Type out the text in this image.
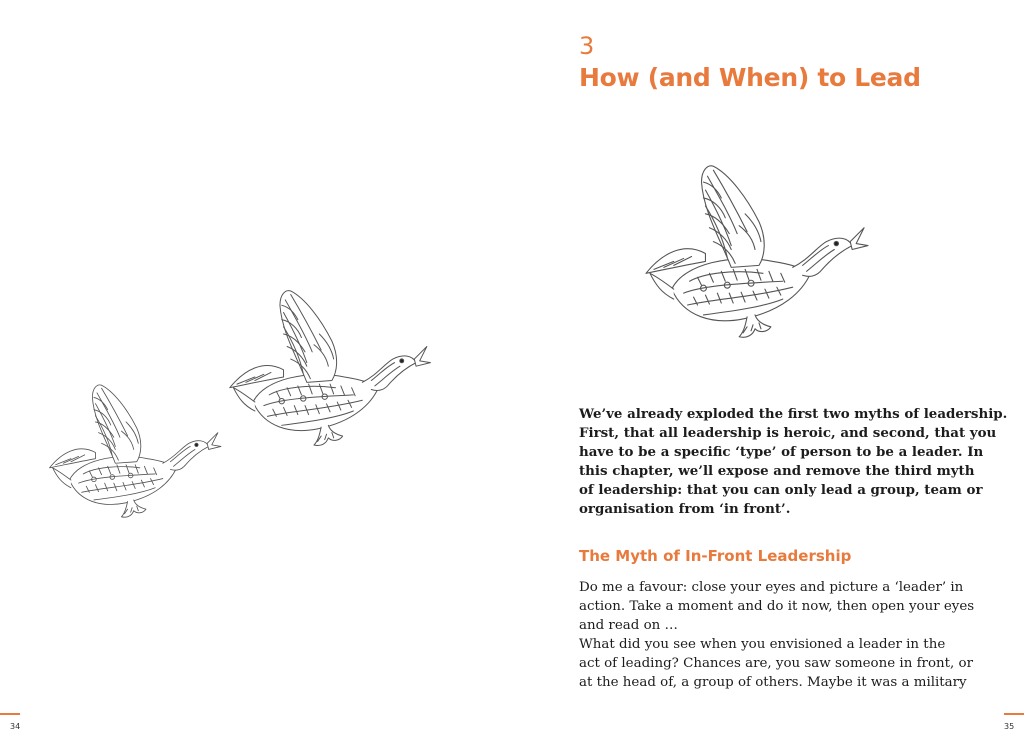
3
How (and When) to Lead

We’ve already exploded the first two myths of leadership.
First, that all leadership is heroic, and second, that you
have to be a specific ‘type’ of person to be a leader. In
this chapter, we’ll expose and remove the third myth
of leadership: that you can only lead a group, team or
organisation from ‘in front’.

The Myth of In-Front Leadership

Do me a favour: close your eyes and picture a ‘leader’ in
action. Take a moment and do it now, then open your eyes
and read on …
What did you see when you envisioned a leader in the
act of leading? Chances are, you saw someone in front, or
at the head of, a group of others. Maybe it was a military

34	35
